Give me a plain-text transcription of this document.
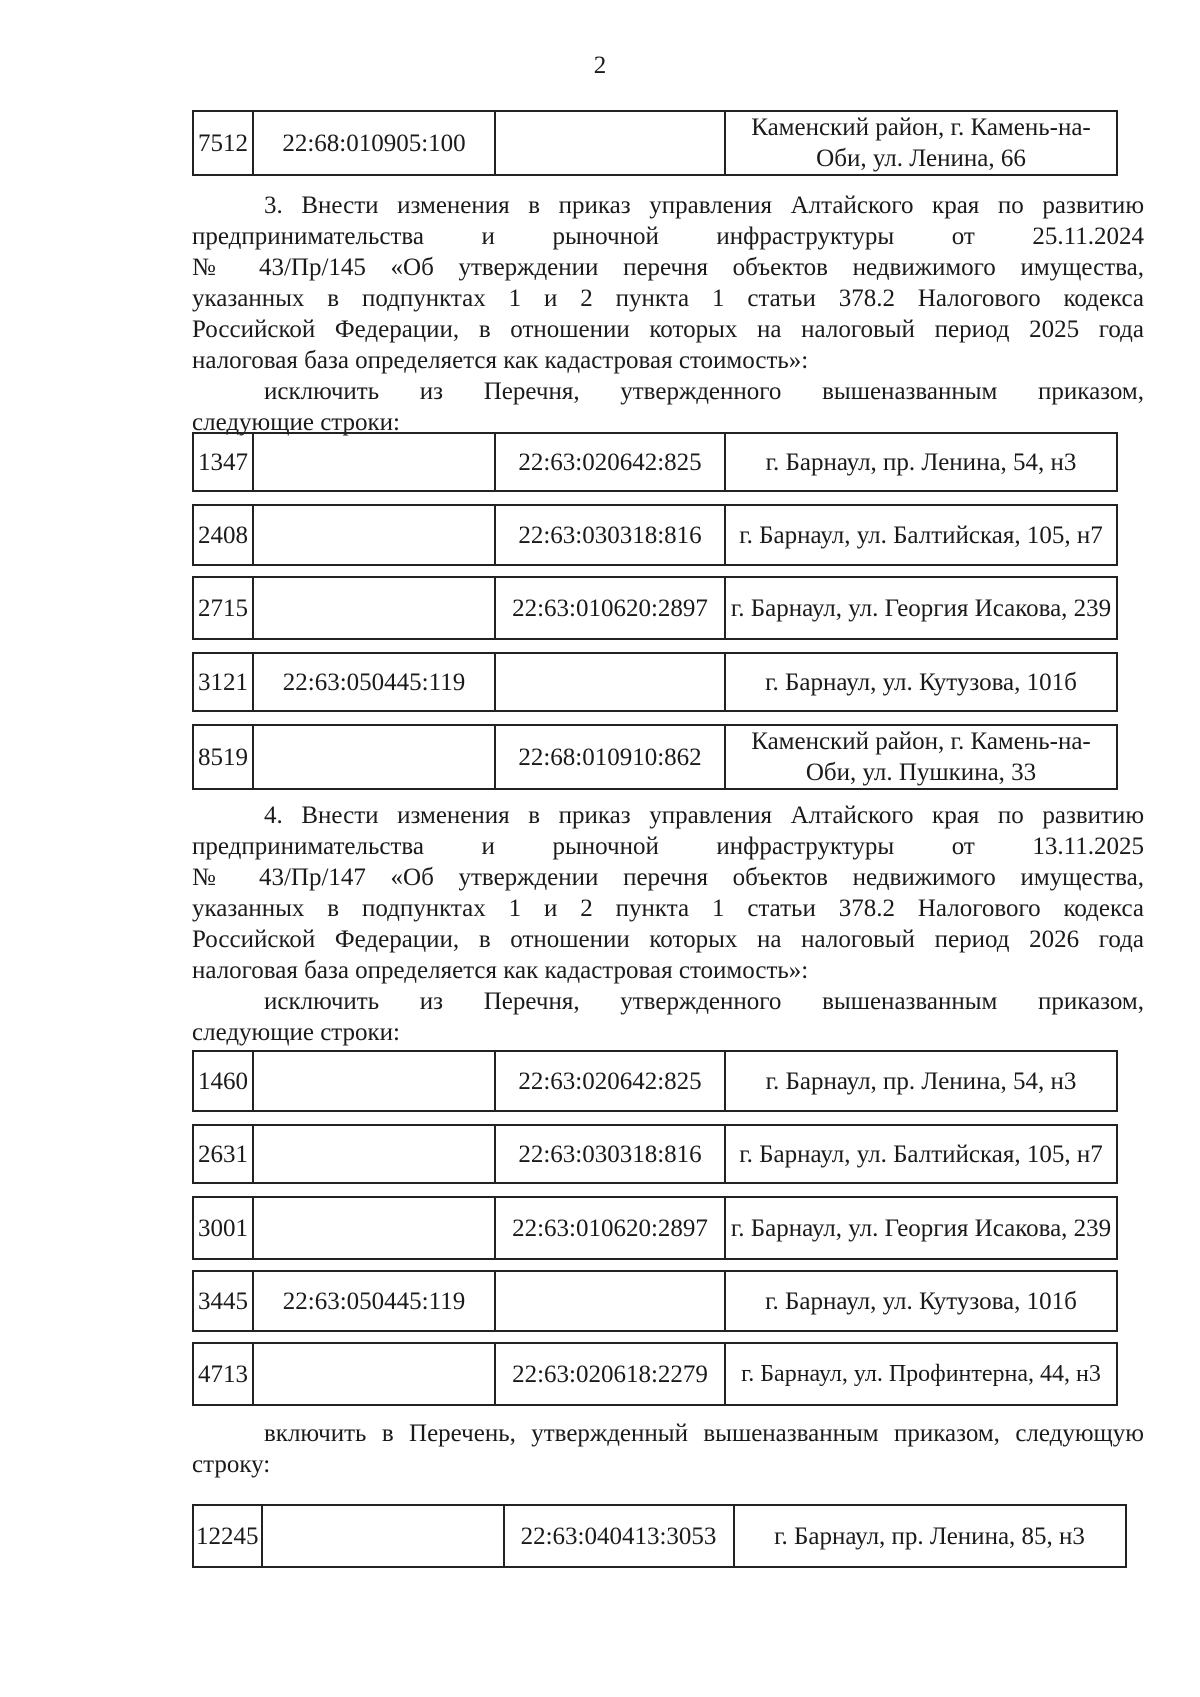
2
7512	22:68:010905:100		Каменский район, г. Камень-на-Оби, ул. Ленина, 66
3. Внести изменения в приказ управления Алтайского края по развитию
предпринимательства и рыночной инфраструктуры от 25.11.2024
№ 43/Пр/145 «Об утверждении перечня объектов недвижимого имущества,
указанных в подпунктах 1 и 2 пункта 1 статьи 378.2 Налогового кодекса
Российской Федерации, в отношении которых на налоговый период 2025 года
налоговая база определяется как кадастровая стоимость»:
исключить из Перечня, утвержденного вышеназванным приказом,
следующие строки:
1347		22:63:020642:825	г. Барнаул, пр. Ленина, 54, н3
2408		22:63:030318:816	г. Барнаул, ул. Балтийская, 105, н7
2715		22:63:010620:2897	г. Барнаул, ул. Георгия Исакова, 239
3121	22:63:050445:119		г. Барнаул, ул. Кутузова, 101б
8519		22:68:010910:862	Каменский район, г. Камень-на-Оби, ул. Пушкина, 33
4. Внести изменения в приказ управления Алтайского края по развитию
предпринимательства и рыночной инфраструктуры от 13.11.2025
№ 43/Пр/147 «Об утверждении перечня объектов недвижимого имущества,
указанных в подпунктах 1 и 2 пункта 1 статьи 378.2 Налогового кодекса
Российской Федерации, в отношении которых на налоговый период 2026 года
налоговая база определяется как кадастровая стоимость»:
исключить из Перечня, утвержденного вышеназванным приказом,
следующие строки:
1460		22:63:020642:825	г. Барнаул, пр. Ленина, 54, н3
2631		22:63:030318:816	г. Барнаул, ул. Балтийская, 105, н7
3001		22:63:010620:2897	г. Барнаул, ул. Георгия Исакова, 239
3445	22:63:050445:119		г. Барнаул, ул. Кутузова, 101б
4713		22:63:020618:2279	г. Барнаул, ул. Профинтерна, 44, н3
включить в Перечень, утвержденный вышеназванным приказом, следующую
строку:
12245		22:63:040413:3053	г. Барнаул, пр. Ленина, 85, н3
